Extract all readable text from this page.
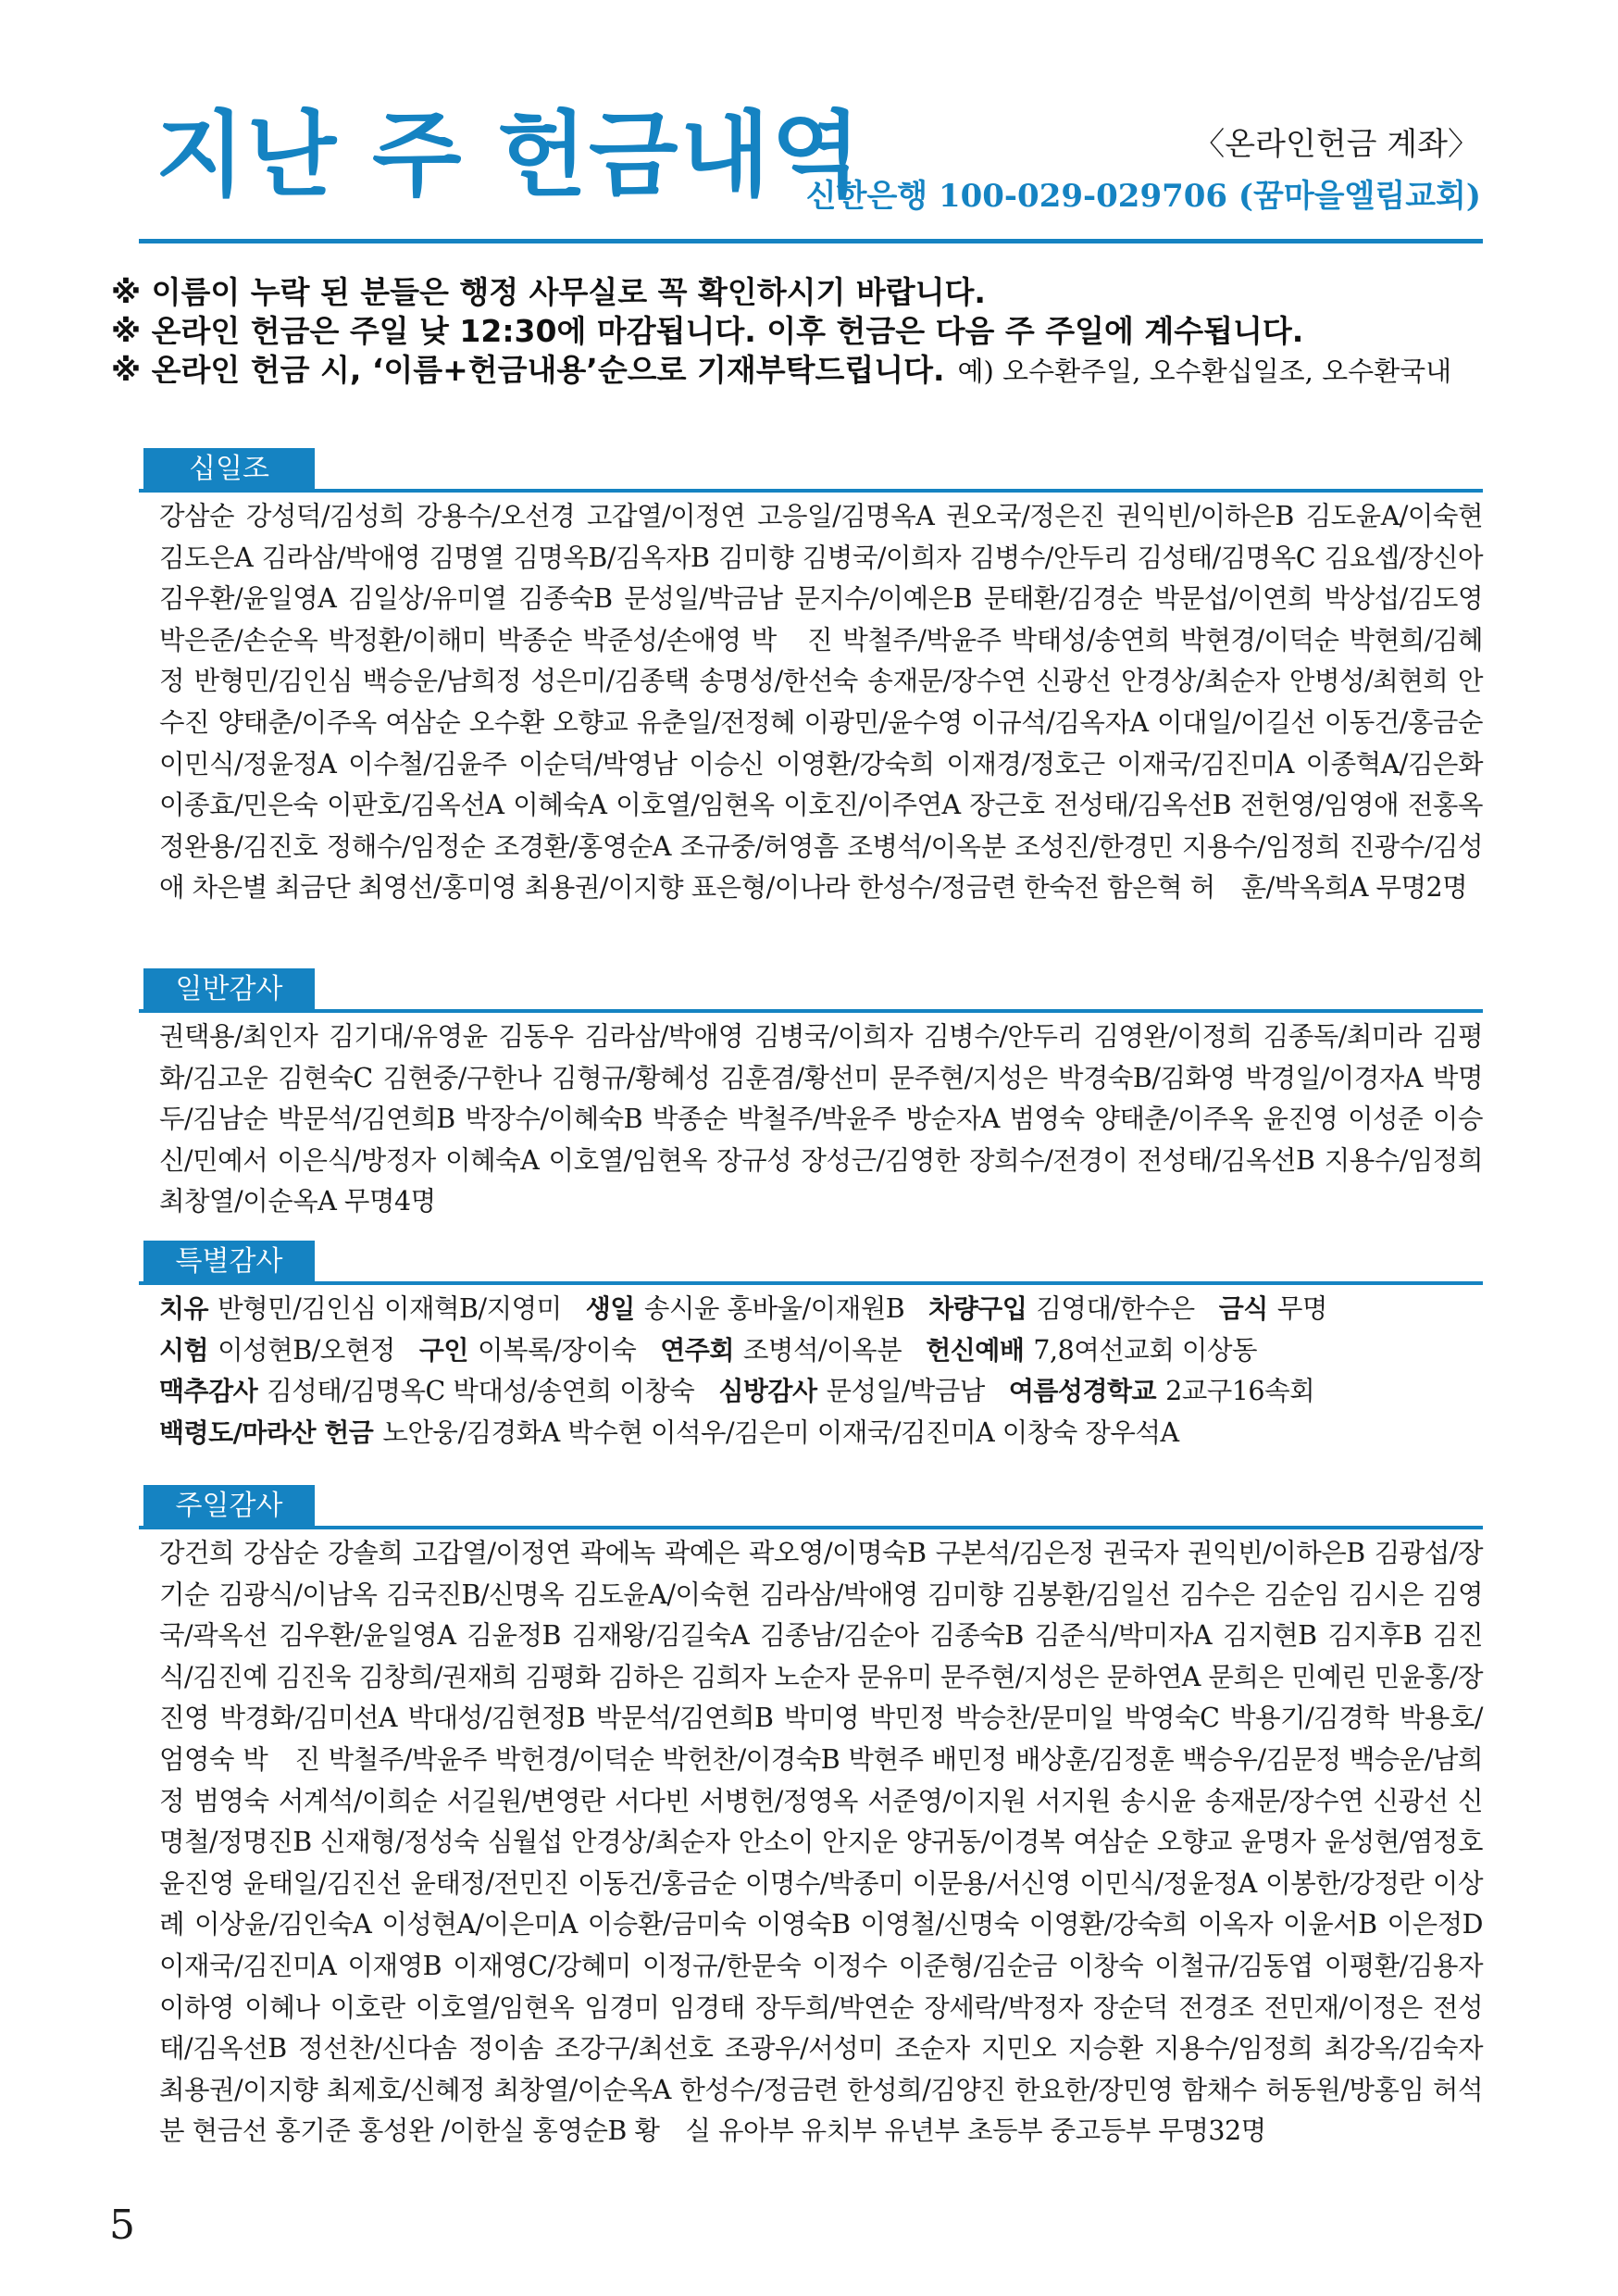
지난 주 헌금내역	〈온라인헌금 계좌〉
신한은행 100-029-029706 (꿈마을엘림교회)
※ 이름이 누락 된 분들은 행정 사무실로 꼭 확인하시기 바랍니다.
※ 온라인 헌금은 주일 낮 12:30에 마감됩니다. 이후 헌금은 다음 주 주일에 계수됩니다.
※ 온라인 헌금 시, ‘이름+헌금내용’순으로 기재부탁드립니다. 예) 오수환주일, 오수환십일조, 오수환국내
십일조
강삼순 강성덕/김성희 강용수/오선경 고갑열/이정연 고응일/김명옥A 권오국/정은진 권익빈/이하은B 김도윤A/이숙현 김도은A 김라삼/박애영 김명열 김명옥B/김옥자B 김미향 김병국/이희자 김병수/안두리 김성태/김명옥C 김요셉/장신아 김우환/윤일영A 김일상/유미열 김종숙B 문성일/박금남 문지수/이예은B 문태환/김경순 박문섭/이연희 박상섭/김도영 박은준/손순옥 박정환/이해미 박종순 박준성/손애영 박　진 박철주/박윤주 박태성/송연희 박현경/이덕순 박현희/김혜정 반형민/김인심 백승운/남희정 성은미/김종택 송명성/한선숙 송재문/장수연 신광선 안경상/최순자 안병성/최현희 안수진 양태춘/이주옥 여삼순 오수환 오향교 유춘일/전정혜 이광민/윤수영 이규석/김옥자A 이대일/이길선 이동건/홍금순 이민식/정윤정A 이수철/김윤주 이순덕/박영남 이승신 이영환/강숙희 이재경/정호근 이재국/김진미A 이종혁A/김은화 이종효/민은숙 이판호/김옥선A 이혜숙A 이호열/임현옥 이호진/이주연A 장근호 전성태/김옥선B 전헌영/임영애 전홍옥 정완용/김진호 정해수/임정순 조경환/홍영순A 조규중/허영흠 조병석/이옥분 조성진/한경민 지용수/임정희 진광수/김성애 차은별 최금단 최영선/홍미영 최용권/이지향 표은형/이나라 한성수/정금련 한숙전 함은혁 허　훈/박옥희A 무명2명
일반감사
권택용/최인자 김기대/유영윤 김동우 김라삼/박애영 김병국/이희자 김병수/안두리 김영완/이정희 김종독/최미라 김평화/김고운 김현숙C 김현중/구한나 김형규/황혜성 김훈겸/황선미 문주현/지성은 박경숙B/김화영 박경일/이경자A 박명두/김남순 박문석/김연희B 박장수/이혜숙B 박종순 박철주/박윤주 방순자A 범영숙 양태춘/이주옥 윤진영 이성준 이승신/민예서 이은식/방정자 이혜숙A 이호열/임현옥 장규성 장성근/김영한 장희수/전경이 전성태/김옥선B 지용수/임정희 최창열/이순옥A 무명4명
특별감사
치유 반형민/김인심 이재혁B/지영미 생일 송시윤 홍바울/이재원B 차량구입 김영대/한수은 금식 무명
시험 이성현B/오현정 구인 이복록/장이숙 연주회 조병석/이옥분 헌신예배 7,8여선교회 이상동
맥추감사 김성태/김명옥C 박대성/송연희 이창숙 심방감사 문성일/박금남 여름성경학교 2교구16속회
백령도/마라산 헌금 노안웅/김경화A 박수현 이석우/김은미 이재국/김진미A 이창숙 장우석A
주일감사
강건희 강삼순 강솔희 고갑열/이정연 곽에녹 곽예은 곽오영/이명숙B 구본석/김은정 권국자 권익빈/이하은B 김광섭/장기순 김광식/이남옥 김국진B/신명옥 김도윤A/이숙현 김라삼/박애영 김미향 김봉환/김일선 김수은 김순임 김시은 김영국/곽옥선 김우환/윤일영A 김윤정B 김재왕/김길숙A 김종남/김순아 김종숙B 김준식/박미자A 김지현B 김지후B 김진식/김진예 김진욱 김창희/권재희 김평화 김하은 김희자 노순자 문유미 문주현/지성은 문하연A 문희은 민예린 민윤홍/장진영 박경화/김미선A 박대성/김현정B 박문석/김연희B 박미영 박민정 박승찬/문미일 박영숙C 박용기/김경학 박용호/엄영숙 박　진 박철주/박윤주 박헌경/이덕순 박헌찬/이경숙B 박현주 배민정 배상훈/김정훈 백승우/김문정 백승운/남희정 범영숙 서계석/이희순 서길원/변영란 서다빈 서병헌/정영옥 서준영/이지원 서지원 송시윤 송재문/장수연 신광선 신명철/정명진B 신재형/정성숙 심월섭 안경상/최순자 안소이 안지운 양귀동/이경복 여삼순 오향교 윤명자 윤성현/염정호 윤진영 윤태일/김진선 윤태정/전민진 이동건/홍금순 이명수/박종미 이문용/서신영 이민식/정윤정A 이봉한/강정란 이상례 이상윤/김인숙A 이성현A/이은미A 이승환/금미숙 이영숙B 이영철/신명숙 이영환/강숙희 이옥자 이윤서B 이은정D 이재국/김진미A 이재영B 이재영C/강혜미 이정규/한문숙 이정수 이준형/김순금 이창숙 이철규/김동엽 이평환/김용자 이하영 이혜나 이호란 이호열/임현옥 임경미 임경태 장두희/박연순 장세락/박정자 장순덕 전경조 전민재/이정은 전성태/김옥선B 정선찬/신다솜 정이솜 조강구/최선호 조광우/서성미 조순자 지민오 지승환 지용수/임정희 최강옥/김숙자 최용권/이지향 최제호/신혜정 최창열/이순옥A 한성수/정금련 한성희/김양진 한요한/장민영 함채수 허동원/방홍임 허석분 현금선 홍기준 홍성완 /이한실 홍영순B 황　실 유아부 유치부 유년부 초등부 중고등부 무명32명
5
